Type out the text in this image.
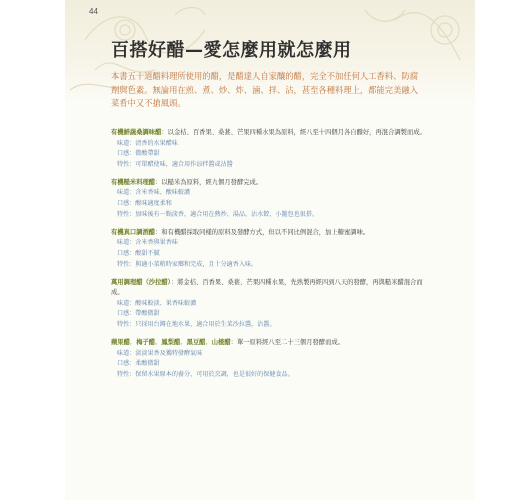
44
百搭好醋—愛怎麼用就怎麼用
本書五十道醋料理所使用的醋，是醋達人自家釀的醋，完全不加任何人工香料、防腐劑與色素。無論用在煎、煮、炒、炸、滷、拌、沾，甚至各種料理上，都能完美融入菜肴中又不搶風頭。
有機鮮蔬桑調味醋：以金桔、百香果、桑葚、芒果四種水果為原料，經八至十四個月各自醱好，再混合調製而成。
味道：清香的水果醋味
口感：微酸帶甜
特性：可單醋使味，適合用作涼拌醬或沾醬
有機糙米料理醋：以糙米為原料，經九個月發酵完成。
味道：含米香味、酸味較濃
口感：酸味適度柔和
特性：加味後有一點淡香，適合用在熱炒、湯品、沾水餃、小籠包也很搭。
有機真口調酒醋：和有機醋採取同樣的原料及發酵方式，但以不同比例混合，加上糖蜜調味。
味道：含米香與果香味
口感：酸甜不膩
特性：與適小菜稍時家鄉和完成，且十分適香入味。
萬用調理醋（沙拉醋）：將金桔、百香果、桑葚、芒果四種水果，先熟製再經四到八天的發酵，再與糙米醋混合而成。
味道：酸味較淡、果香味較濃
口感：帶酸微甜
特性：只採用台灣在地水果，適合用於生菜沙拉醬，沾醬。
蘋果醋．梅子醋．鳳梨醋．黑豆醋．山楂醋：單一原料經八至二十三個月發酵而成。
味道：淡淡果香及獨特發酵氣味
口感：柔酸微甜
特性：保留水果原本的養分，可用於烹調，也是很好的保健食品。
